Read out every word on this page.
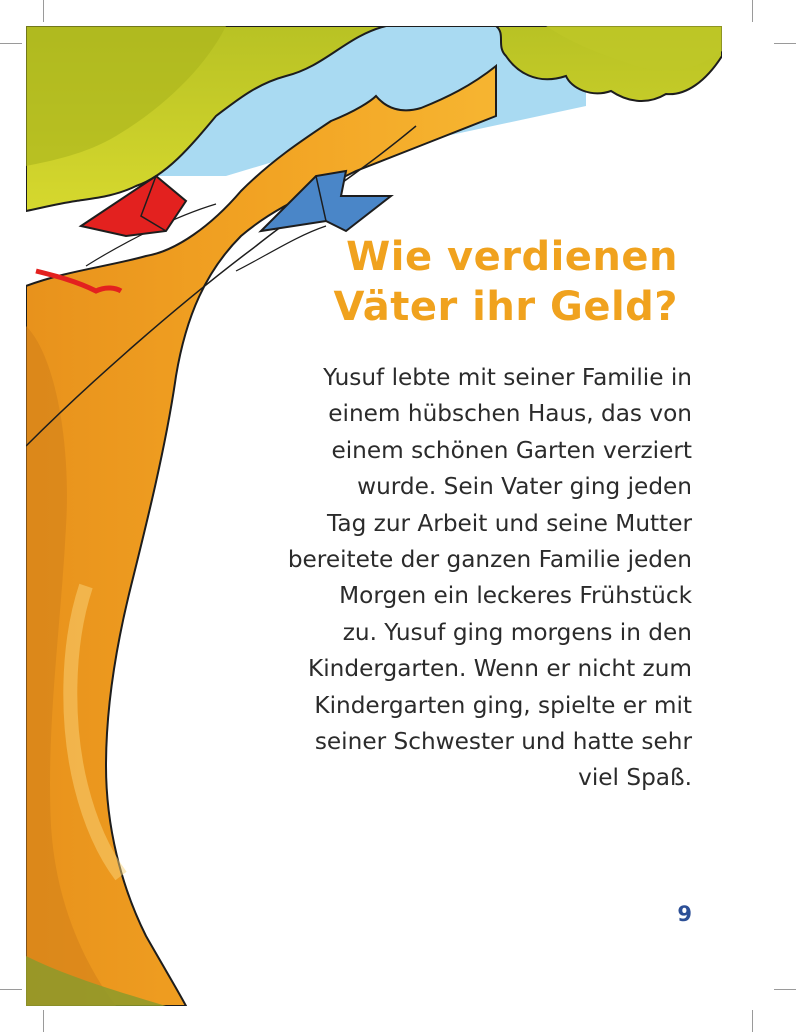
Wie verdienen
Väter ihr Geld?
Yusuf lebte mit seiner Familie in
einem hübschen Haus, das von
einem schönen Garten verziert
wurde. Sein Vater ging jeden
Tag zur Arbeit und seine Mutter
bereitete der ganzen Familie jeden
Morgen ein leckeres Frühstück
zu. Yusuf ging morgens in den
Kindergarten. Wenn er nicht zum
Kindergarten ging, spielte er mit
seiner Schwester und hatte sehr
viel Spaß.
9
